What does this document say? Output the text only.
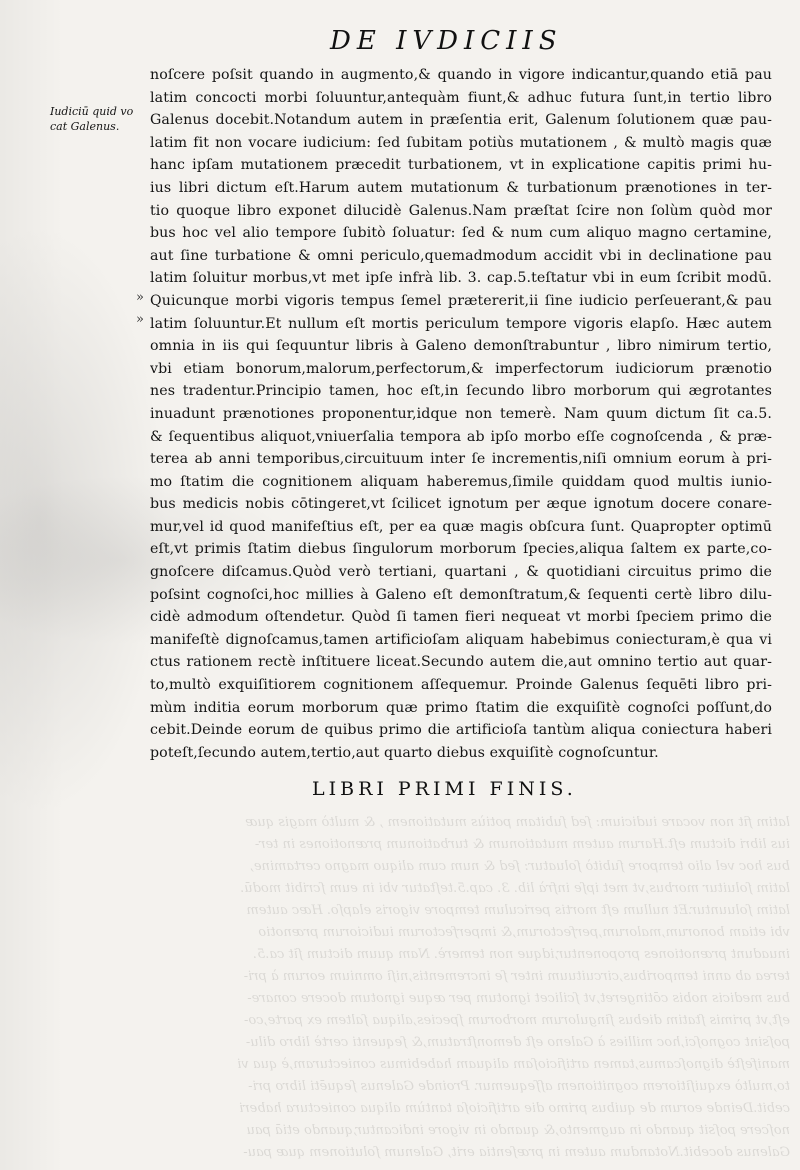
DE IVDICIIS
Iudiciū quid vo
cat Galenus.
»
»
noſcere poſsit quando in augmento,& quando in vigore indicantur,quando etiā pau
latim concocti morbi ſoluuntur,antequàm fiunt,& adhuc futura ſunt,in tertio libro
Galenus docebit.Notandum autem in præſentia erit, Galenum ſolutionem quæ pau-
latim fit non vocare iudicium: ſed ſubitam potiùs mutationem , & multò magis quæ
hanc ipſam mutationem præcedit turbationem, vt in explicatione capitis primi hu-
ius libri dictum eſt.Harum autem mutationum & turbationum prænotiones in ter-
tio quoque libro exponet dilucidè Galenus.Nam præſtat ſcire non ſolùm quòd mor
bus hoc vel alio tempore ſubitò ſoluatur: ſed & num cum aliquo magno certamine,
aut ſine turbatione & omni periculo,quemadmodum accidit vbi in declinatione pau
latim ſoluitur morbus,vt met ipſe infrà lib. 3. cap.5.teſtatur vbi in eum ſcribit modū.
Quicunque morbi vigoris tempus ſemel prætererit,ii ſine iudicio perſeuerant,& pau
latim ſoluuntur.Et nullum eſt mortis periculum tempore vigoris elapſo. Hæc autem
omnia in iis qui ſequuntur libris à Galeno demonſtrabuntur , libro nimirum tertio,
vbi etiam bonorum,malorum,perfectorum,& imperfectorum iudiciorum prænotio
nes tradentur.Principio tamen, hoc eſt,in ſecundo libro morborum qui ægrotantes
inuadunt prænotiones proponentur,idque non temerè. Nam quum dictum ſit ca.5.
& ſequentibus aliquot,vniuerſalia tempora ab ipſo morbo eſſe cognoſcenda , & præ-
terea ab anni temporibus,circuituum inter ſe incrementis,niſi omnium eorum à pri-
mo ſtatim die cognitionem aliquam haberemus,ſimile quiddam quod multis iunio-
bus medicis nobis cōtingeret,vt ſcilicet ignotum per æque ignotum docere conare-
mur,vel id quod manifeſtius eſt, per ea quæ magis obſcura ſunt. Quapropter optimū
eſt,vt primis ſtatim diebus ſingulorum morborum ſpecies,aliqua ſaltem ex parte,co-
gnoſcere diſcamus.Quòd verò tertiani, quartani , & quotidiani circuitus primo die
poſsint cognoſci,hoc millies à Galeno eſt demonſtratum,& ſequenti certè libro dilu-
cidè admodum oſtendetur. Quòd ſi tamen fieri nequeat vt morbi ſpeciem primo die
manifeſtè dignoſcamus,tamen artificioſam aliquam habebimus coniecturam,è qua vi
ctus rationem rectè inſtituere liceat.Secundo autem die,aut omnino tertio aut quar-
to,multò exquiſitiorem cognitionem aſſequemur. Proinde Galenus ſequēti libro pri-
mùm inditia eorum morborum quæ primo ſtatim die exquiſitè cognoſci poſſunt,do
cebit.Deinde eorum de quibus primo die artificioſa tantùm aliqua coniectura haberi
poteſt,ſecundo autem,tertio,aut quarto diebus exquiſitè cognoſcuntur.
LIBRI PRIMI FINIS.
latim fit non vocare iudicium: ſed ſubitam potiùs mutationem , & multò magis quæ
ius libri dictum eſt.Harum autem mutationum & turbationum prænotiones in ter-
bus hoc vel alio tempore ſubitò ſoluatur: ſed & num cum aliquo magno certamine,
latim ſoluitur morbus,vt met ipſe infrà lib. 3. cap.5.teſtatur vbi in eum ſcribit modū.
latim ſoluuntur.Et nullum eſt mortis periculum tempore vigoris elapſo. Hæc autem
vbi etiam bonorum,malorum,perfectorum,& imperfectorum iudiciorum prænotio
inuadunt prænotiones proponentur,idque non temerè. Nam quum dictum ſit ca.5.
terea ab anni temporibus,circuituum inter ſe incrementis,niſi omnium eorum à pri-
bus medicis nobis cōtingeret,vt ſcilicet ignotum per æque ignotum docere conare-
eſt,vt primis ſtatim diebus ſingulorum morborum ſpecies,aliqua ſaltem ex parte,co-
poſsint cognoſci,hoc millies à Galeno eſt demonſtratum,& ſequenti certè libro dilu-
manifeſtè dignoſcamus,tamen artificioſam aliquam habebimus coniecturam,è qua vi
to,multò exquiſitiorem cognitionem aſſequemur. Proinde Galenus ſequēti libro pri-
cebit.Deinde eorum de quibus primo die artificioſa tantùm aliqua coniectura haberi
noſcere poſsit quando in augmento,& quando in vigore indicantur,quando etiā pau
Galenus docebit.Notandum autem in præſentia erit, Galenum ſolutionem quæ pau-
